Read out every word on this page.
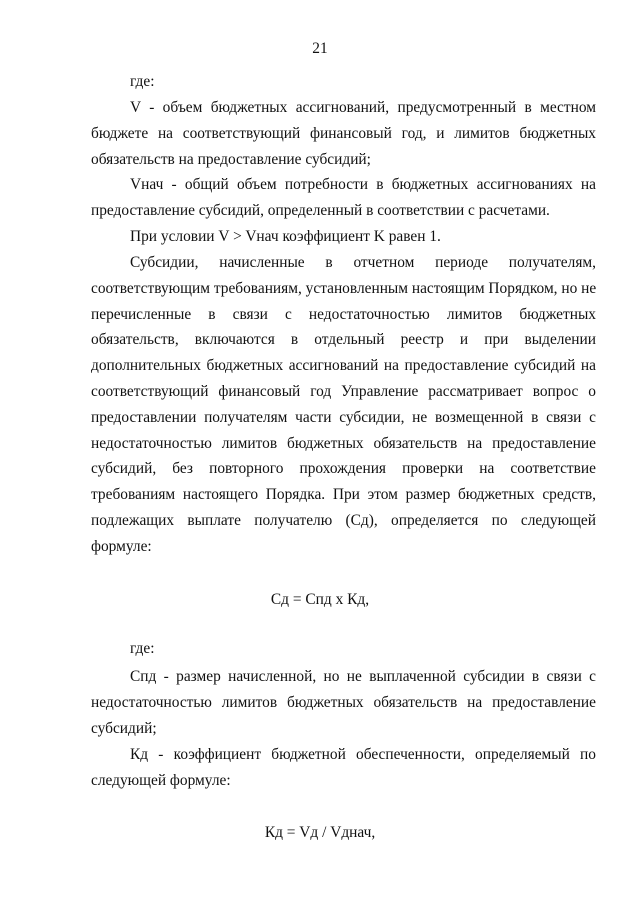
21

где:

V - объем бюджетных ассигнований, предусмотренный в местном
бюджете на соответствующий финансовый год, и лимитов бюджетных
обязательств на предоставление субсидий;

Vнач - общий объем потребности в бюджетных ассигнованиях на
предоставление субсидий, определенный в соответствии с расчетами.

При условии V > Vнач коэффициент K равен 1.

Субсидии, начисленные в отчетном периоде получателям,
соответствующим требованиям, установленным настоящим Порядком, но не
перечисленные в связи с недостаточностью лимитов бюджетных
обязательств, включаются в отдельный реестр и при выделении
дополнительных бюджетных ассигнований на предоставление субсидий на
соответствующий финансовый год Управление рассматривает вопрос о
предоставлении получателям части субсидии, не возмещенной в связи с
недостаточностью лимитов бюджетных обязательств на предоставление
субсидий, без повторного прохождения проверки на соответствие
требованиям настоящего Порядка. При этом размер бюджетных средств,
подлежащих выплате получателю (Сд), определяется по следующей
формуле:

Сд = Спд x Кд,

где:

Спд - размер начисленной, но не выплаченной субсидии в связи с
недостаточностью лимитов бюджетных обязательств на предоставление
субсидий;

Кд - коэффициент бюджетной обеспеченности, определяемый по
следующей формуле:

Кд = Vд / Vднач,
